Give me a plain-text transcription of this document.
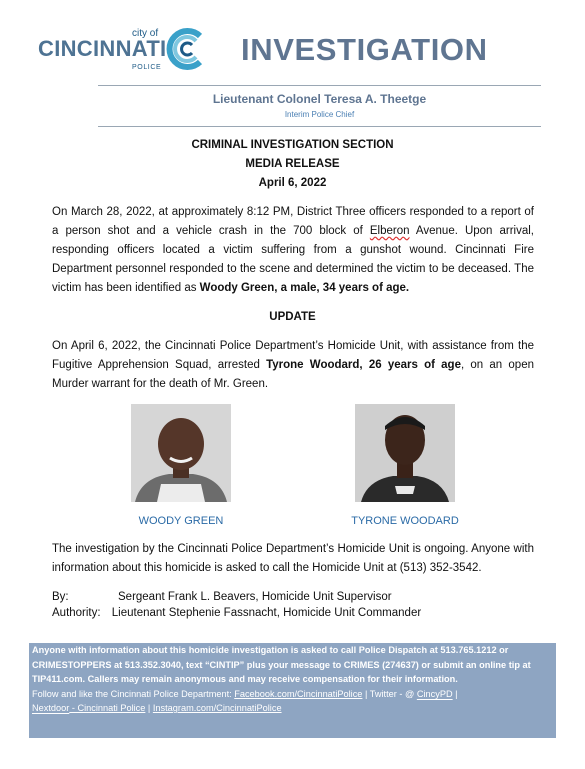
city of
CINCINNATI
POLICE
INVESTIGATION
Lieutenant Colonel Teresa A. Theetge
Interim Police Chief
CRIMINAL INVESTIGATION SECTION
MEDIA RELEASE
April 6, 2022
On March 28, 2022, at approximately 8:12 PM, District Three officers responded to a report of a person shot and a vehicle crash in the 700 block of Elberon Avenue. Upon arrival, responding officers located a victim suffering from a gunshot wound. Cincinnati Fire Department personnel responded to the scene and determined the victim to be deceased. The victim has been identified as Woody Green, a male, 34 years of age.
UPDATE
On April 6, 2022, the Cincinnati Police Department’s Homicide Unit, with assistance from the Fugitive Apprehension Squad, arrested Tyrone Woodard, 26 years of age, on an open Murder warrant for the death of Mr. Green.
WOODY GREEN	TYRONE WOODARD
The investigation by the Cincinnati Police Department’s Homicide Unit is ongoing. Anyone with information about this homicide is asked to call the Homicide Unit at (513) 352-3542.
By:	Sergeant Frank L. Beavers, Homicide Unit Supervisor
Authority: Lieutenant Stephenie Fassnacht, Homicide Unit Commander
Anyone with information about this homicide investigation is asked to call Police Dispatch at 513.765.1212 or CRIMESTOPPERS at 513.352.3040, text “CINTIP” plus your message to CRIMES (274637) or submit an online tip at TIP411.com. Callers may remain anonymous and may receive compensation for their information.
Follow and like the Cincinnati Police Department: Facebook.com/CincinnatiPolice | Twitter - @ CincyPD |
Nextdoor - Cincinnati Police | Instagram.com/CincinnatiPolice
